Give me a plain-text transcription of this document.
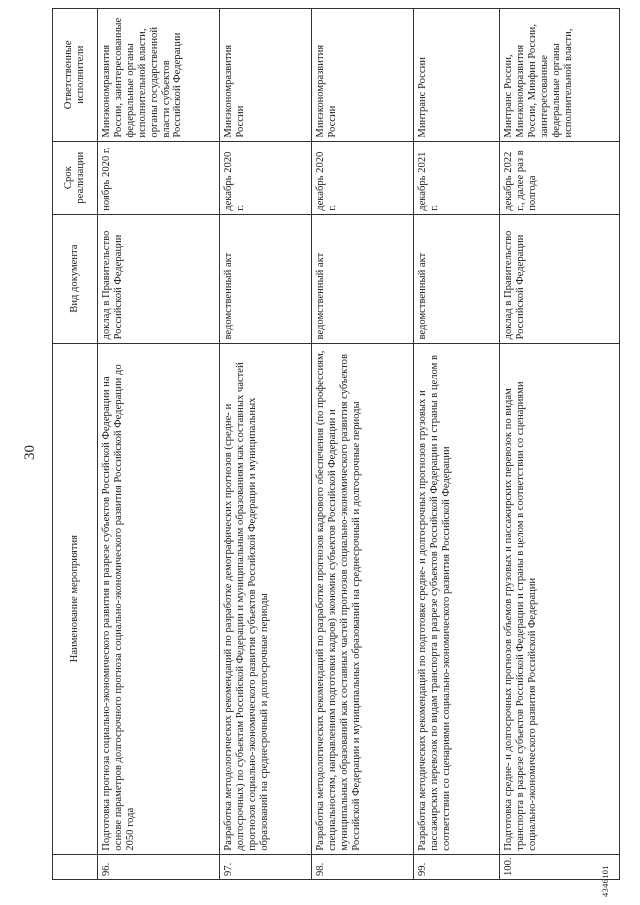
30
	Наименование мероприятия	Вид документа	Срок реализации	Ответственные исполнители
96.	Подготовка прогноза социально-экономического развития в разрезе субъектов Российской Федерации на основе параметров долгосрочного прогноза социально-экономического развития Российской Федерации до 2050 года	доклад в Правительство Российской Федерации	ноябрь 2020 г.	Минэкономразвития России, заинтересованные федеральные органы исполнительной власти, органы государственной власти субъектов Российской Федерации
97.	Разработка методологических рекомендаций по разработке демографических прогнозов (средне- и долгосрочных) по субъектам Российской Федерации и муниципальным образованиям как составных частей прогнозов социально-экономического развития субъектов Российской Федерации и муниципальных образований на среднесрочный и долгосрочные периоды	ведомственный акт	декабрь 2020 г.	Минэкономразвития России
98.	Разработка методологических рекомендаций по разработке прогнозов кадрового обеспечения (по профессиям, специальностям, направлениям подготовки кадров) экономик субъектов Российской Федерации и муниципальных образований как составных частей прогнозов социально-экономического развития субъектов Российской Федерации и муниципальных образований на среднесрочный и долгосрочные периоды	ведомственный акт	декабрь 2020 г.	Минэкономразвития России
99.	Разработка методических рекомендаций по подготовке средне- и долгосрочных прогнозов грузовых и пассажирских перевозок по видам транспорта в разрезе субъектов Российской Федерации и страны в целом в соответствии со сценариями социально-экономического развития Российской Федерации	ведомственный акт	декабрь 2021 г.	Минтранс России
100.	Подготовка средне- и долгосрочных прогнозов объемов грузовых и пассажирских перевозок по видам транспорта в разрезе субъектов Российской Федерации и страны в целом в соответствии со сценариями социально-экономического развития Российской Федерации	доклад в Правительство Российской Федерации	декабрь 2022 г., далее раз в полгода	Минтранс России, Минэкономразвития России, Минфин России, заинтересованные федеральные органы исполнительной власти,
4346101
